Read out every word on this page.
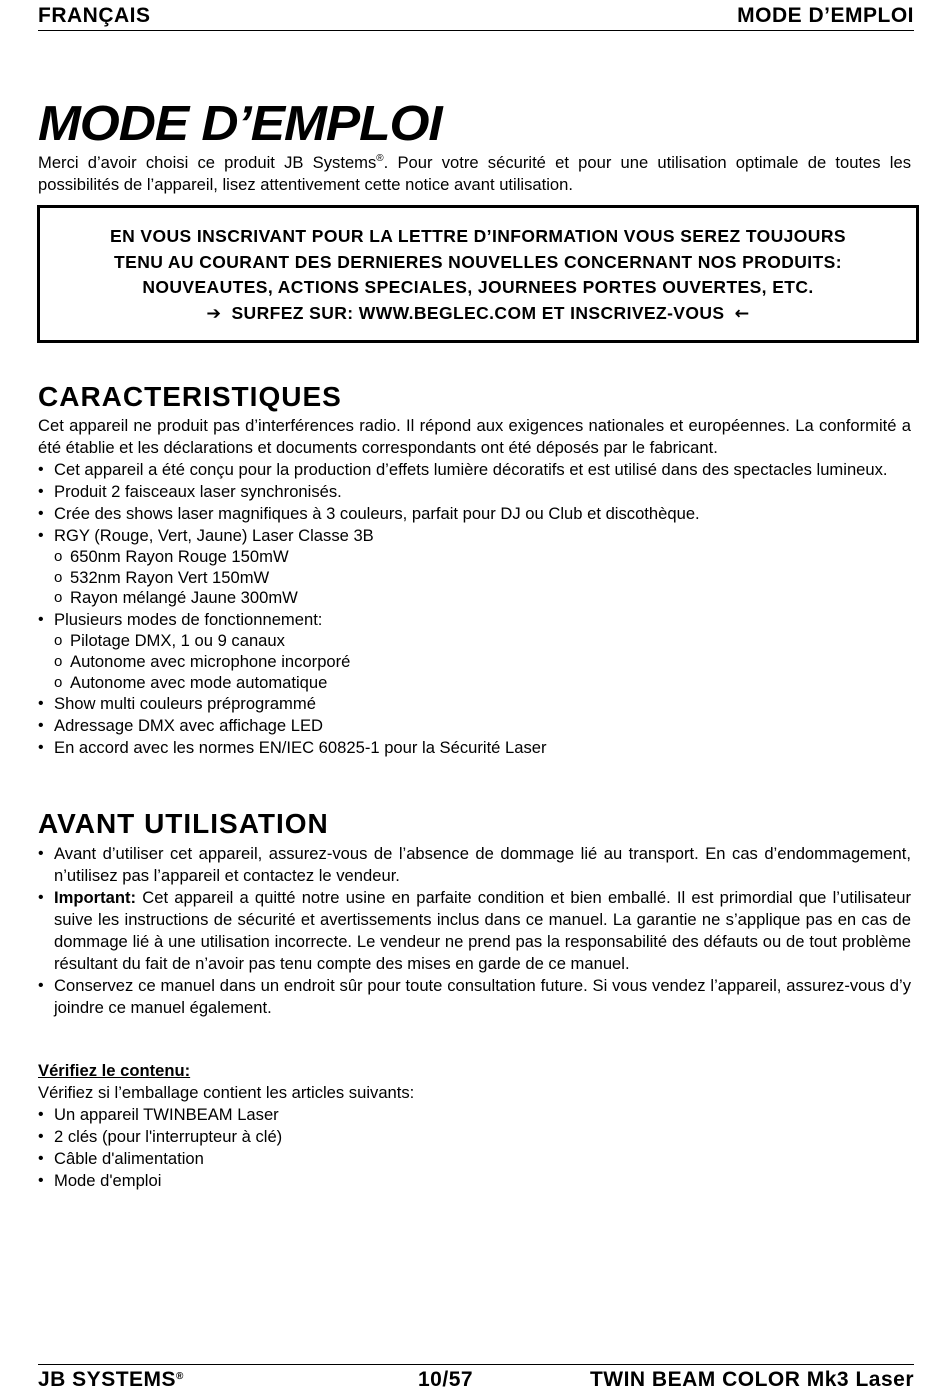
FRANÇAIS	MODE D’EMPLOI
MODE D’EMPLOI

Merci d’avoir choisi ce produit JB Systems®. Pour votre sécurité et pour une utilisation optimale de toutes les possibilités de l’appareil, lisez attentivement cette notice avant utilisation.

EN VOUS INSCRIVANT POUR LA LETTRE D’INFORMATION VOUS SEREZ TOUJOURS
TENU AU COURANT DES DERNIERES NOUVELLES CONCERNANT NOS PRODUITS:
NOUVEAUTES, ACTIONS SPECIALES, JOURNEES PORTES OUVERTES, ETC.
➔ SURFEZ SUR: WWW.BEGLEC.COM ET INSCRIVEZ-VOUS ←
CARACTERISTIQUES

Cet appareil ne produit pas d’interférences radio. Il répond aux exigences nationales et européennes. La conformité a été établie et les déclarations et documents correspondants ont été déposés par le fabricant.

• Cet appareil a été conçu pour la production d’effets lumière décoratifs et est utilisé dans des spectacles lumineux.
• Produit 2 faisceaux laser synchronisés.
• Crée des shows laser magnifiques à 3 couleurs, parfait pour DJ ou Club et discothèque.
• RGY (Rouge, Vert, Jaune) Laser Classe 3B
o 650nm Rayon Rouge 150mW
o 532nm Rayon Vert 150mW
o Rayon mélangé Jaune 300mW
• Plusieurs modes de fonctionnement:
o Pilotage DMX, 1 ou 9 canaux
o Autonome avec microphone incorporé
o Autonome avec mode automatique
• Show multi couleurs préprogrammé
• Adressage DMX avec affichage LED
• En accord avec les normes EN/IEC 60825-1 pour la Sécurité Laser
AVANT UTILISATION
• Avant d’utiliser cet appareil, assurez-vous de l’absence de dommage lié au transport. En cas d’endommagement, n’utilisez pas l’appareil et contactez le vendeur.
• Important: Cet appareil a quitté notre usine en parfaite condition et bien emballé. Il est primordial que l’utilisateur suive les instructions de sécurité et avertissements inclus dans ce manuel. La garantie ne s’applique pas en cas de dommage lié à une utilisation incorrecte. Le vendeur ne prend pas la responsabilité des défauts ou de tout problème résultant du fait de n’avoir pas tenu compte des mises en garde de ce manuel.
• Conservez ce manuel dans un endroit sûr pour toute consultation future. Si vous vendez l’appareil, assurez-vous d’y joindre ce manuel également.

Vérifiez le contenu:

Vérifiez si l’emballage contient les articles suivants:

• Un appareil TWINBEAM Laser
• 2 clés (pour l'interrupteur à clé)
• Câble d'alimentation
• Mode d'emploi
JB SYSTEMS®	10/57	TWIN BEAM COLOR Mk3 Laser
